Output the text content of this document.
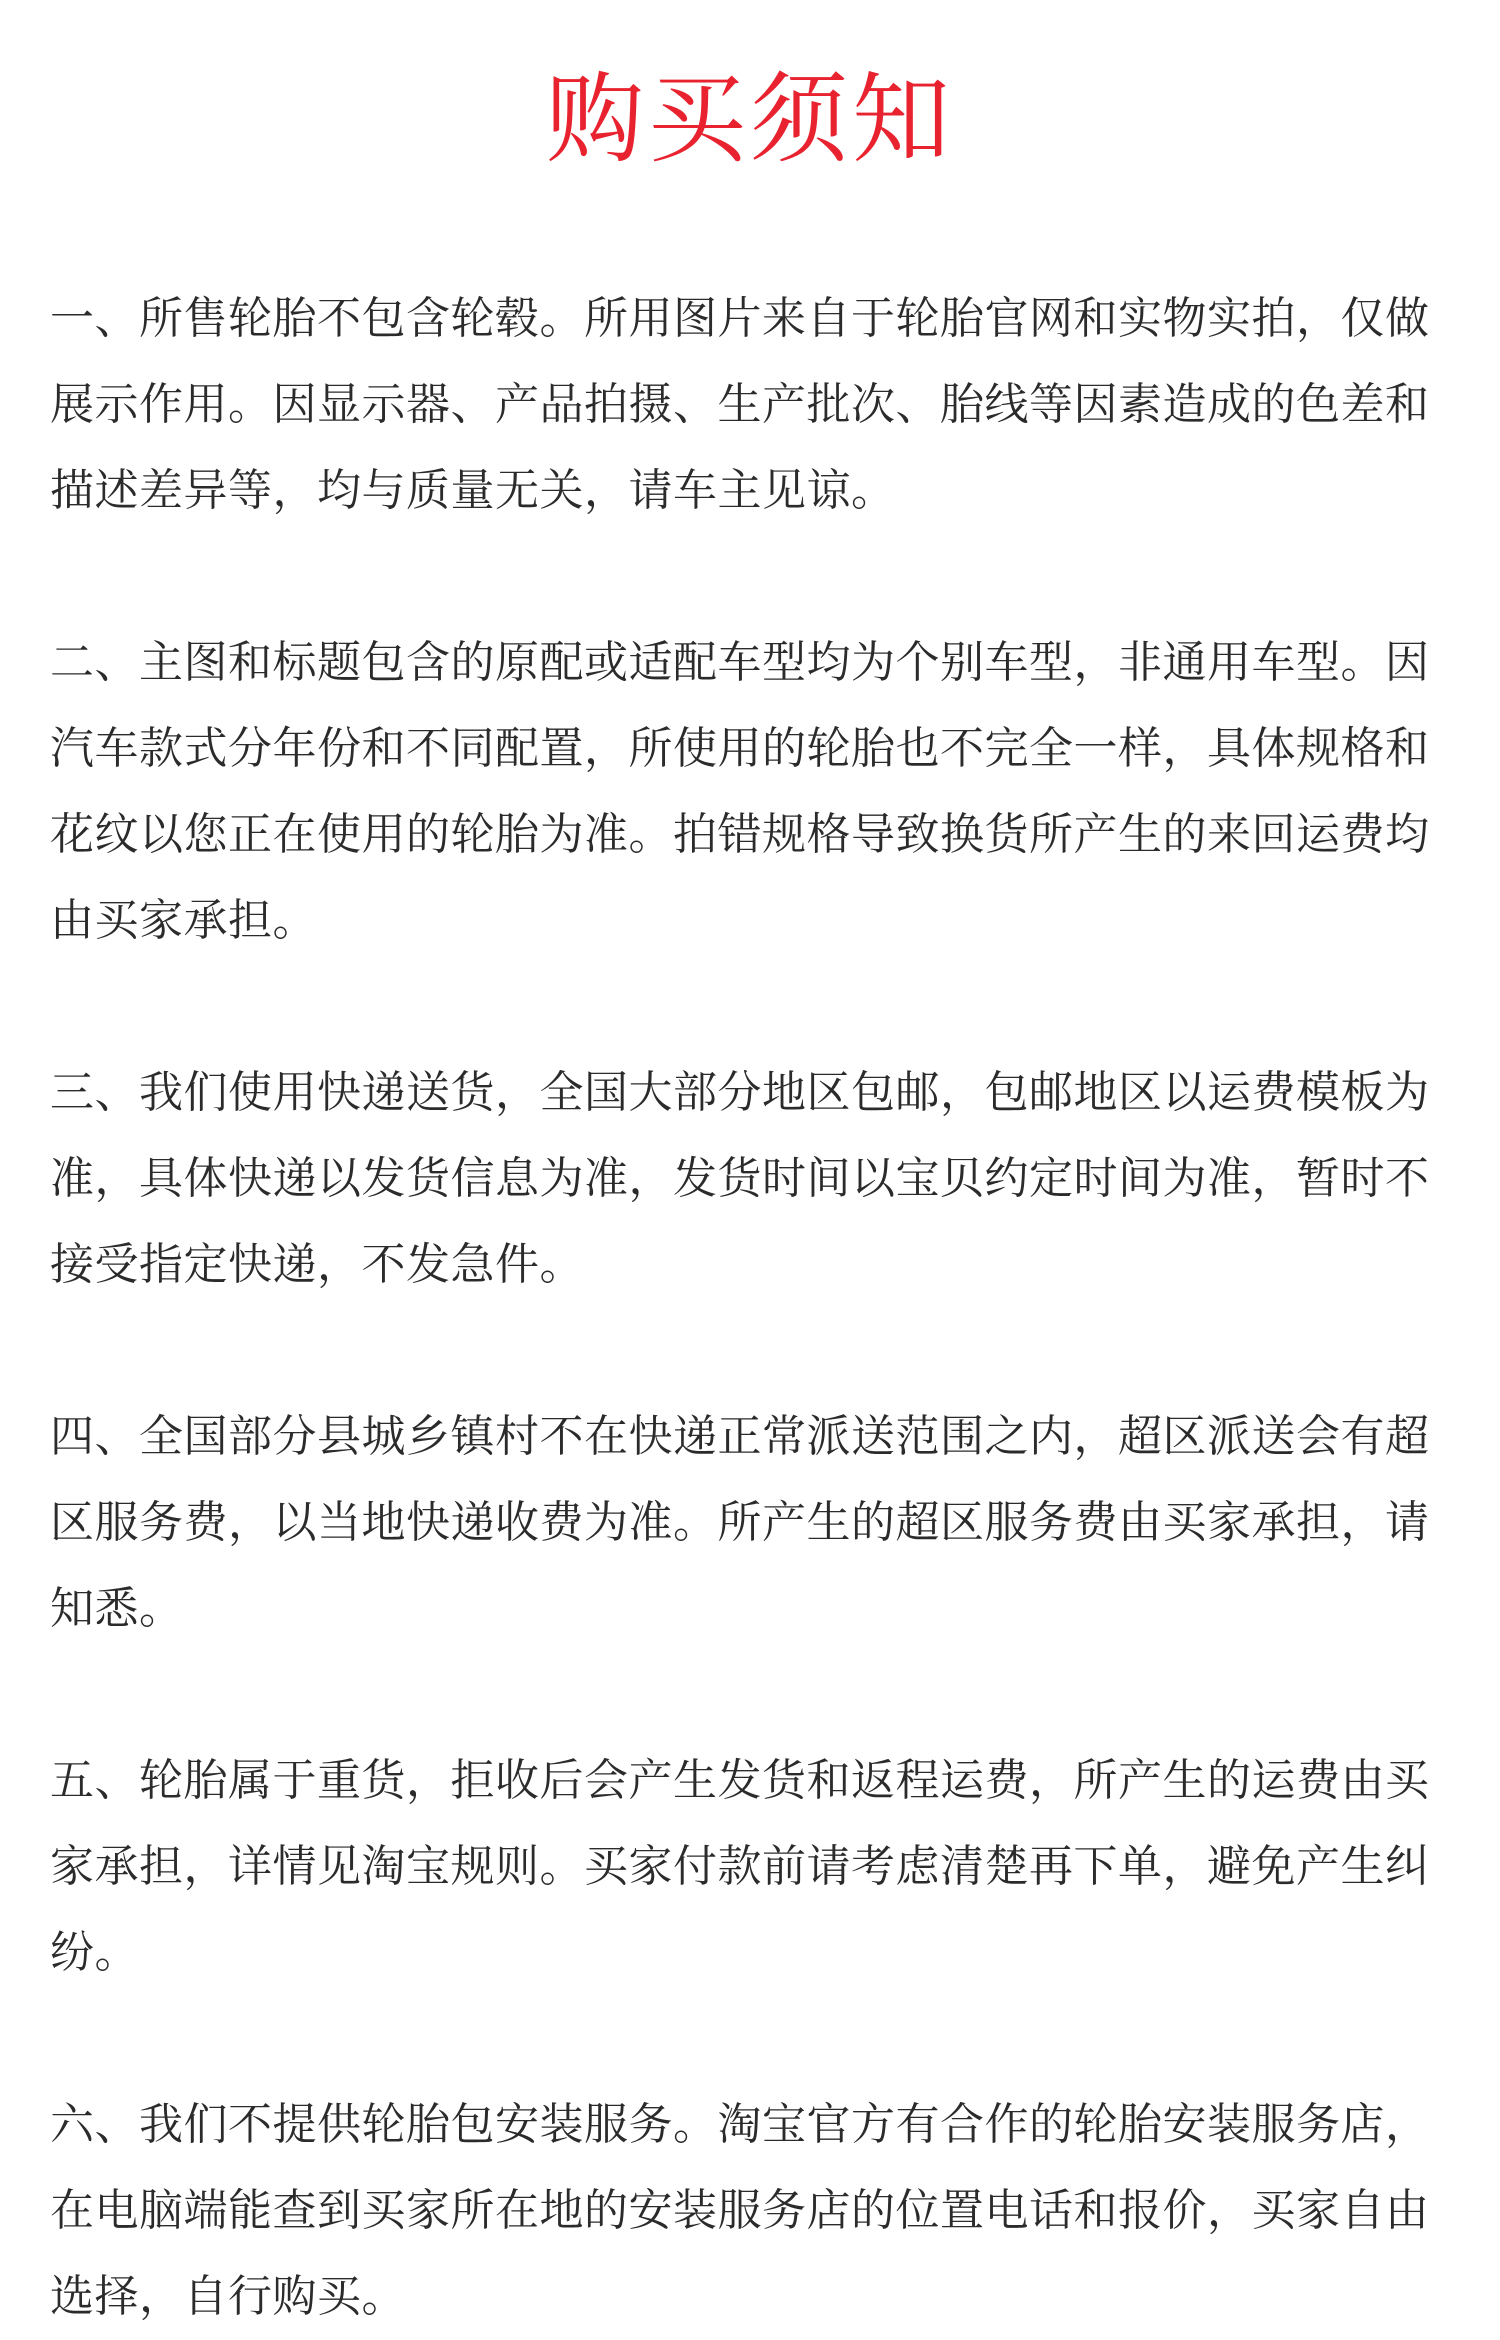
购买须知

一、所售轮胎不包含轮毂。所用图片来自于轮胎官网和实物实拍，仅做展示作用。因显示器、产品拍摄、生产批次、胎线等因素造成的色差和描述差异等，均与质量无关，请车主见谅。

二、主图和标题包含的原配或适配车型均为个别车型，非通用车型。因汽车款式分年份和不同配置，所使用的轮胎也不完全一样，具体规格和花纹以您正在使用的轮胎为准。拍错规格导致换货所产生的来回运费均由买家承担。

三、我们使用快递送货，全国大部分地区包邮，包邮地区以运费模板为准，具体快递以发货信息为准，发货时间以宝贝约定时间为准，暂时不接受指定快递，不发急件。

四、全国部分县城乡镇村不在快递正常派送范围之内，超区派送会有超区服务费，以当地快递收费为准。所产生的超区服务费由买家承担，请知悉。

五、轮胎属于重货，拒收后会产生发货和返程运费，所产生的运费由买家承担，详情见淘宝规则。买家付款前请考虑清楚再下单，避免产生纠纷。

六、我们不提供轮胎包安装服务。淘宝官方有合作的轮胎安装服务店，在电脑端能查到买家所在地的安装服务店的位置电话和报价，买家自由选择，自行购买。
